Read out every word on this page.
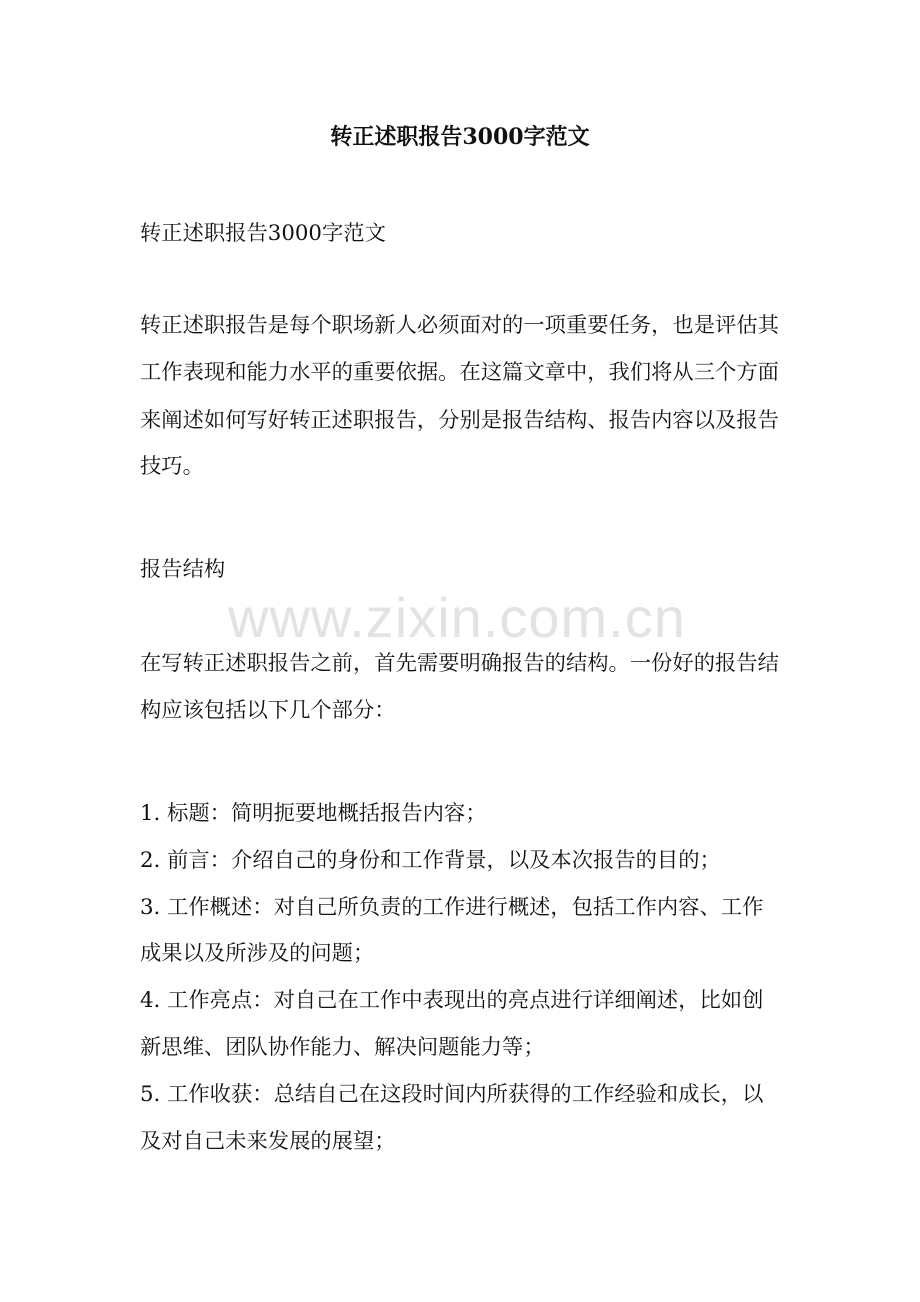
www.zixin.com.cn
转正述职报告3000字范文
转正述职报告3000字范文
转正述职报告是每个职场新人必须面对的一项重要任务，也是评估其
工作表现和能力水平的重要依据。在这篇文章中，我们将从三个方面
来阐述如何写好转正述职报告，分别是报告结构、报告内容以及报告
技巧。
报告结构
在写转正述职报告之前，首先需要明确报告的结构。一份好的报告结
构应该包括以下几个部分：
1. 标题：简明扼要地概括报告内容；
2. 前言：介绍自己的身份和工作背景，以及本次报告的目的；
3. 工作概述：对自己所负责的工作进行概述，包括工作内容、工作
成果以及所涉及的问题；
4. 工作亮点：对自己在工作中表现出的亮点进行详细阐述，比如创
新思维、团队协作能力、解决问题能力等；
5. 工作收获：总结自己在这段时间内所获得的工作经验和成长，以
及对自己未来发展的展望；
